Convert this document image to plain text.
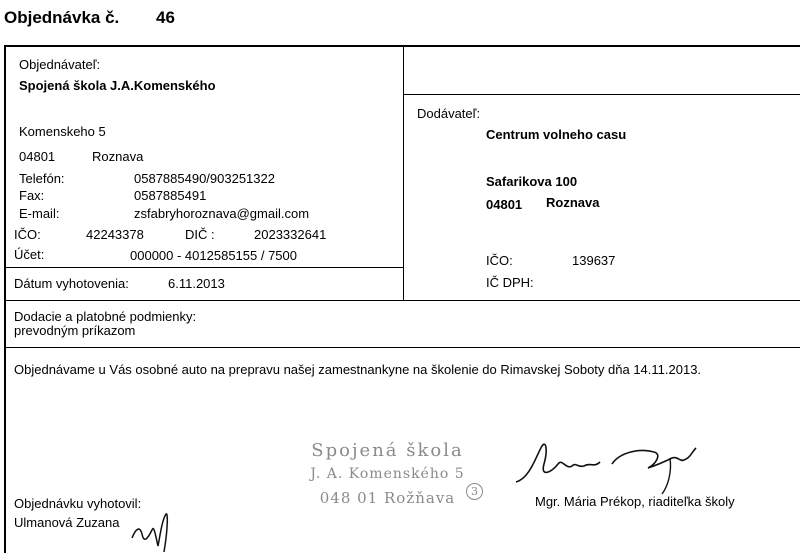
Objednávka č. 46
Objednávateľ:
Spojená škola J.A.Komenského
Komenskeho 5
04801	Roznava
Telefón:	0587885490/903251322
Fax:	0587885491
E-mail:	zsfabryhoroznava@gmail.com
IČO:	42243378	DIČ :	2023332641
Účet:	000000 - 4012585155 / 7500
Dátum vyhotovenia:	6.11.2013
Dodávateľ:
Centrum volneho casu
Safarikova 100
04801 Roznava
IČO:	139637
IČ DPH:
Dodacie a platobné podmienky:
prevodným príkazom
Objednávame u Vás osobné auto na prepravu našej zamestnankyne na školenie do Rimavskej Soboty dňa 14.11.2013.
Spojená škola
J. A. Komenského 5
048 01 Rožňava	3
Mgr. Mária Prékop, riaditeľka školy
Objednávku vyhotovil:
Ulmanová Zuzana
